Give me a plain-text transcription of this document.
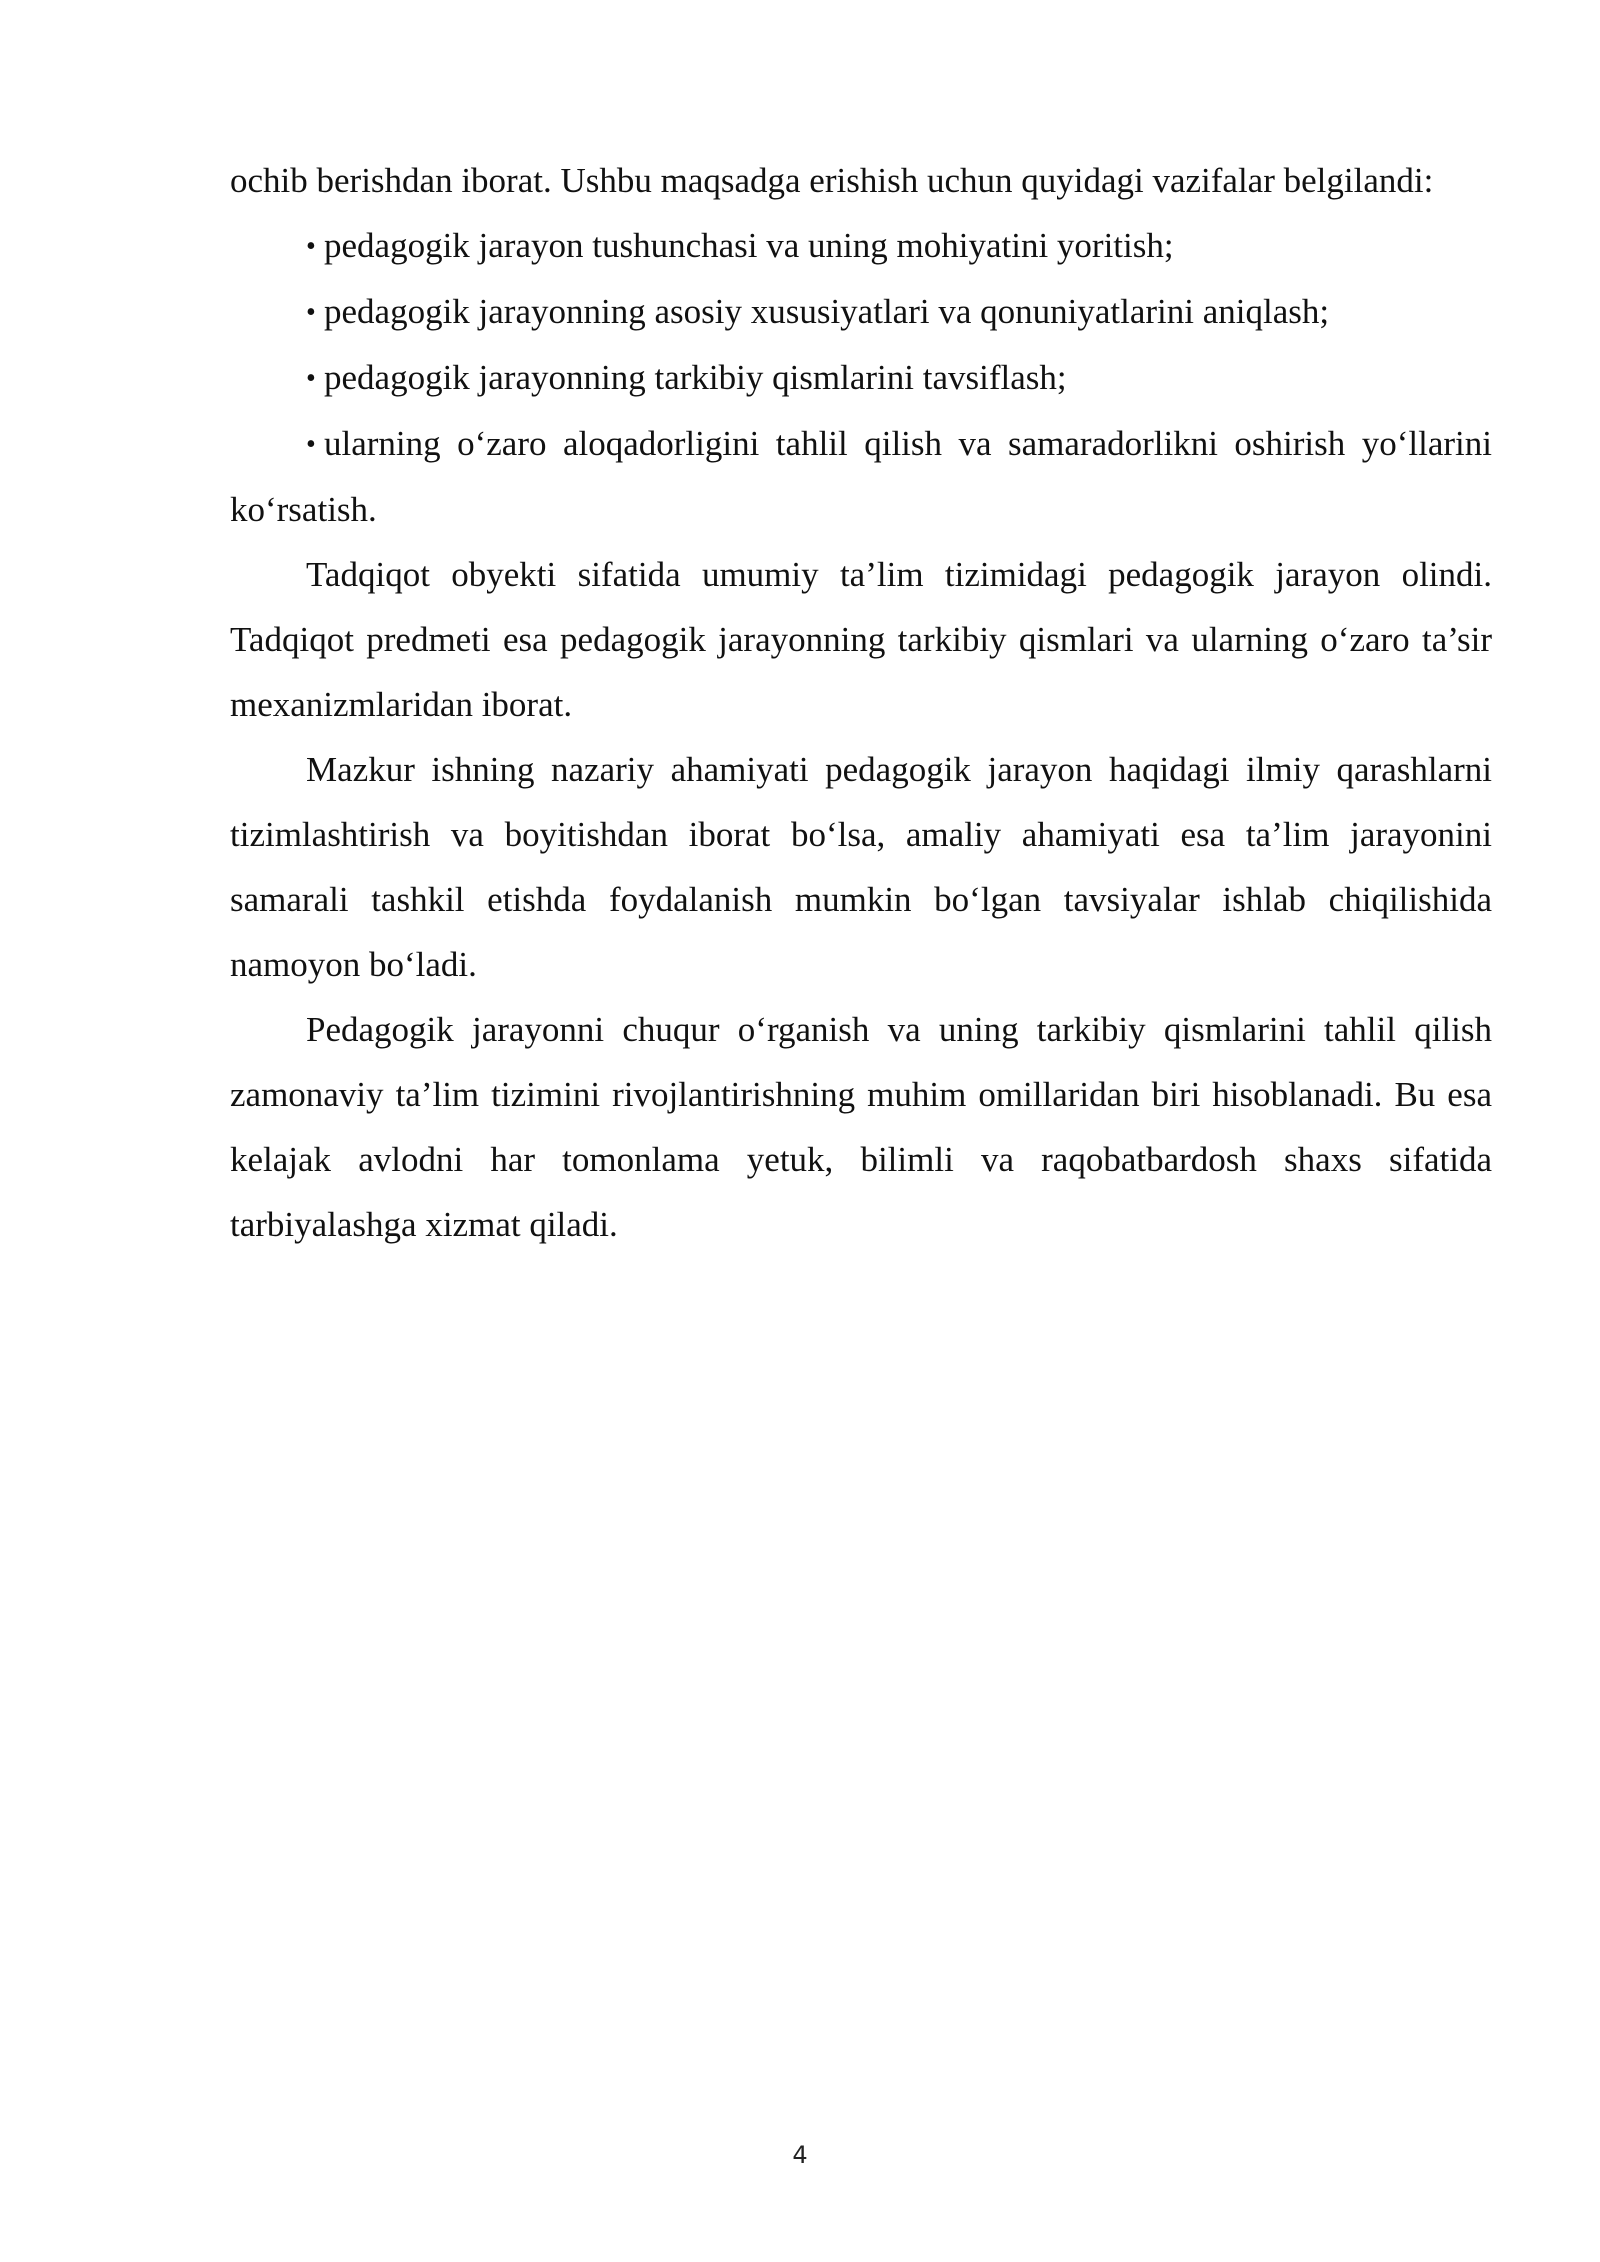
ochib berishdan iborat. Ushbu maqsadga erishish uchun quyidagi vazifalar belgilandi:

• pedagogik jarayon tushunchasi va uning mohiyatini yoritish;
• pedagogik jarayonning asosiy xususiyatlari va qonuniyatlarini aniqlash;
• pedagogik jarayonning tarkibiy qismlarini tavsiflash;
• ularning o‘zaro aloqadorligini tahlil qilish va samaradorlikni oshirish yo‘llarini ko‘rsatish.

Tadqiqot obyekti sifatida umumiy ta’lim tizimidagi pedagogik jarayon olindi. Tadqiqot predmeti esa pedagogik jarayonning tarkibiy qismlari va ularning o‘zaro ta’sir mexanizmlaridan iborat.

Mazkur ishning nazariy ahamiyati pedagogik jarayon haqidagi ilmiy qarashlarni tizimlashtirish va boyitishdan iborat bo‘lsa, amaliy ahamiyati esa ta’lim jarayonini samarali tashkil etishda foydalanish mumkin bo‘lgan tavsiyalar ishlab chiqilishida namoyon bo‘ladi.

Pedagogik jarayonni chuqur o‘rganish va uning tarkibiy qismlarini tahlil qilish zamonaviy ta’lim tizimini rivojlantirishning muhim omillaridan biri hisoblanadi. Bu esa kelajak avlodni har tomonlama yetuk, bilimli va raqobatbardosh shaxs sifatida tarbiyalashga xizmat qiladi.

4
